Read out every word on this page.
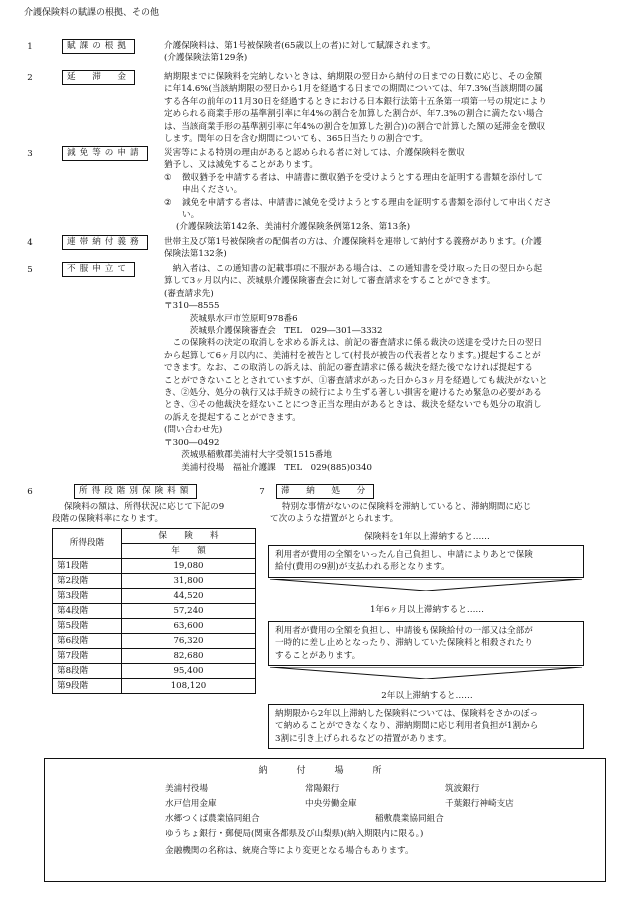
介護保険料の賦課の根拠、その他
1	賦課の根拠	介護保険料は、第1号被保険者(65歳以上の者)に対して賦課されます。

(介護保険法第129条)

2	延　滞　金	納期限までに保険料を完納しないときは、納期限の翌日から納付の日までの日数に応じ、その金額

に年14.6%(当該納期限の翌日から1月を経過する日までの期間については、年7.3%(当該期間の属

する各年の前年の11月30日を経過するときにおける日本銀行法第十五条第一項第一号の規定により

定められる商業手形の基準割引率に年4%の割合を加算した割合が、年7.3%の割合に満たない場合

は、当該商業手形の基準割引率に年4%の割合を加算した割合))の割合で計算した額の延滞金を徴収

します。閏年の日を含む期間についても、365日当たりの割合です。

3	減免等の申請	災害等による特別の理由があると認められる者に対しては、介護保険料を徴収

猶予し、又は減免することがあります。

①	徴収猶予を申請する者は、申請書に徴収猶予を受けようとする理由を証明する書類を添付して

申出ください。

②	減免を申請する者は、申請書に減免を受けようとする理由を証明する書類を添付して申出くださ

い。

(介護保険法第142条、美浦村介護保険条例第12条、第13条)

4	連帯納付義務	世帯主及び第1号被保険者の配偶者の方は、介護保険料を連帯して納付する義務があります。(介護

保険法第132条)

5	不服申立て	　納入者は、この通知書の記載事項に不服がある場合は、この通知書を受け取った日の翌日から起

算して3ヶ月以内に、茨城県介護保険審査会に対して審査請求をすることができます。

(審査請求先)

〒310―8555

　　　茨城県水戸市笠原町978番6

　　　茨城県介護保険審査会　TEL　029―301―3332

　この保険料の決定の取消しを求める訴えは、前記の審査請求に係る裁決の送達を受けた日の翌日

から起算して6ヶ月以内に、美浦村を被告として(村長が被告の代表者となります。)提起することが

できます。なお、この取消しの訴えは、前記の審査請求に係る裁決を経た後でなければ提起する

ことができないこととされていますが、①審査請求があった日から3ヶ月を経過しても裁決がないと

き、②処分、処分の執行又は手続きの続行により生ずる著しい損害を避けるため緊急の必要がある

とき、③その他裁決を経ないことにつき正当な理由があるときは、裁決を経ないでも処分の取消し

の訴えを提起することができます。

(問い合わせ先)

〒300―0492

　　茨城県稲敷郡美浦村大字受領1515番地

　　美浦村役場　福祉介護課　TEL　029(885)0340

6	所得段階別保険料額
保険料の額は、所得状況に応じて下記の9
段階の保険料率になります。
所得段階	保　　険　　料
	年　　額
第1段階	19,080
第2段階	31,800
第3段階	44,520
第4段階	57,240
第5段階	63,600
第6段階	76,320
第7段階	82,680
第8段階	95,400
第9段階	108,120
7	滞　納　処　分
特別な事情がないのに保険料を滞納していると、滞納期間に応じ
て次のような措置がとられます。
保険料を1年以上滞納すると……
利用者が費用の全額をいったん自己負担し、申請によりあとで保険
給付(費用の9割)が支払われる形となります。
1年6ヶ月以上滞納すると……
利用者が費用の全額を負担し、申請後も保険給付の一部又は全部が
一時的に差し止めとなったり、滞納していた保険料と相殺されたり
することがあります。
2年以上滞納すると……
納期限から2年以上滞納した保険料については、保険料をさかのぼっ
て納めることができなくなり、滞納期間に応じ利用者負担が1割から
3割に引き上げられるなどの措置があります。
納　付　場　所
美浦村役場	常陽銀行	筑波銀行
水戸信用金庫	中央労働金庫	千葉銀行神崎支店
水郷つくば農業協同組合	稲敷農業協同組合
ゆうちょ銀行・郵便局(関東各都県及び山梨県)(納入期限内に限る。)
金融機関の名称は、統廃合等により変更となる場合もあります。
